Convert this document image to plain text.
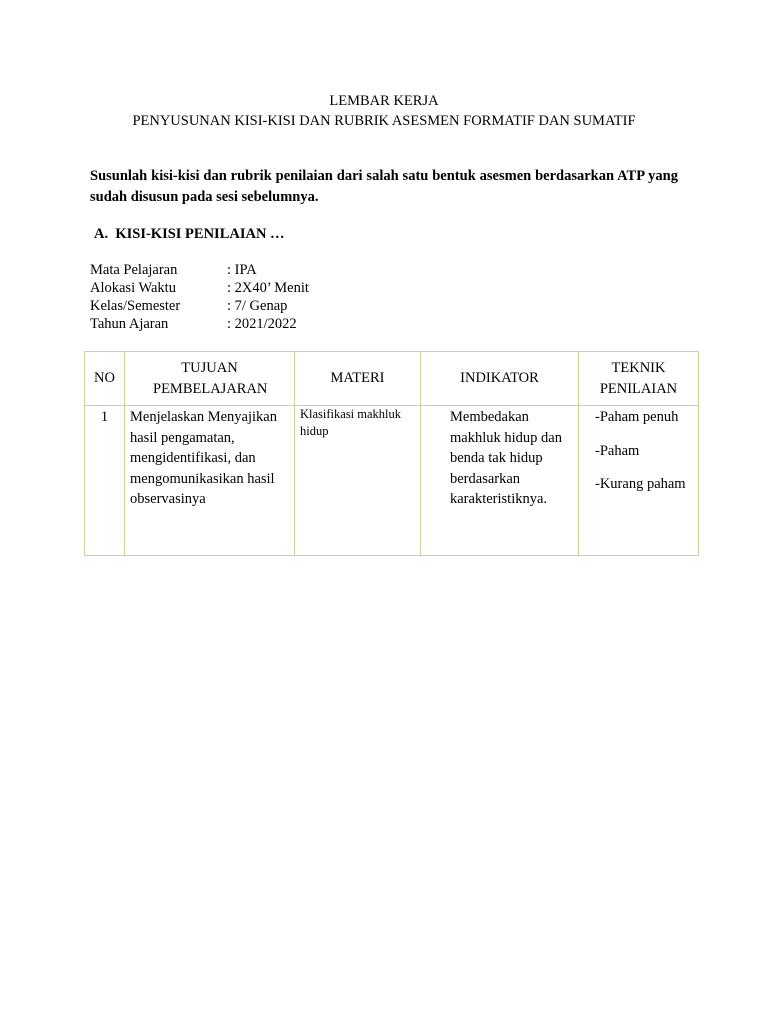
LEMBAR KERJA
PENYUSUNAN KISI-KISI DAN RUBRIK ASESMEN FORMATIF DAN SUMATIF
Susunlah kisi-kisi dan rubrik penilaian dari salah satu bentuk asesmen berdasarkan ATP yang sudah disusun pada sesi sebelumnya.
A.  KISI-KISI PENILAIAN …
Mata Pelajaran	: IPA
Alokasi Waktu	: 2X40’ Menit
Kelas/Semester	: 7/ Genap
Tahun Ajaran	: 2021/2022
NO	TUJUAN PEMBELAJARAN	MATERI	INDIKATOR	TEKNIK PENILAIAN
1	Menjelaskan Menyajikan hasil pengamatan, mengidentifikasi, dan mengomunikasikan hasil observasinya	Klasifikasi makhluk hidup	Membedakan makhluk hidup dan benda tak hidup berdasarkan karakteristiknya.	-Paham penuh
-Paham
-Kurang paham
